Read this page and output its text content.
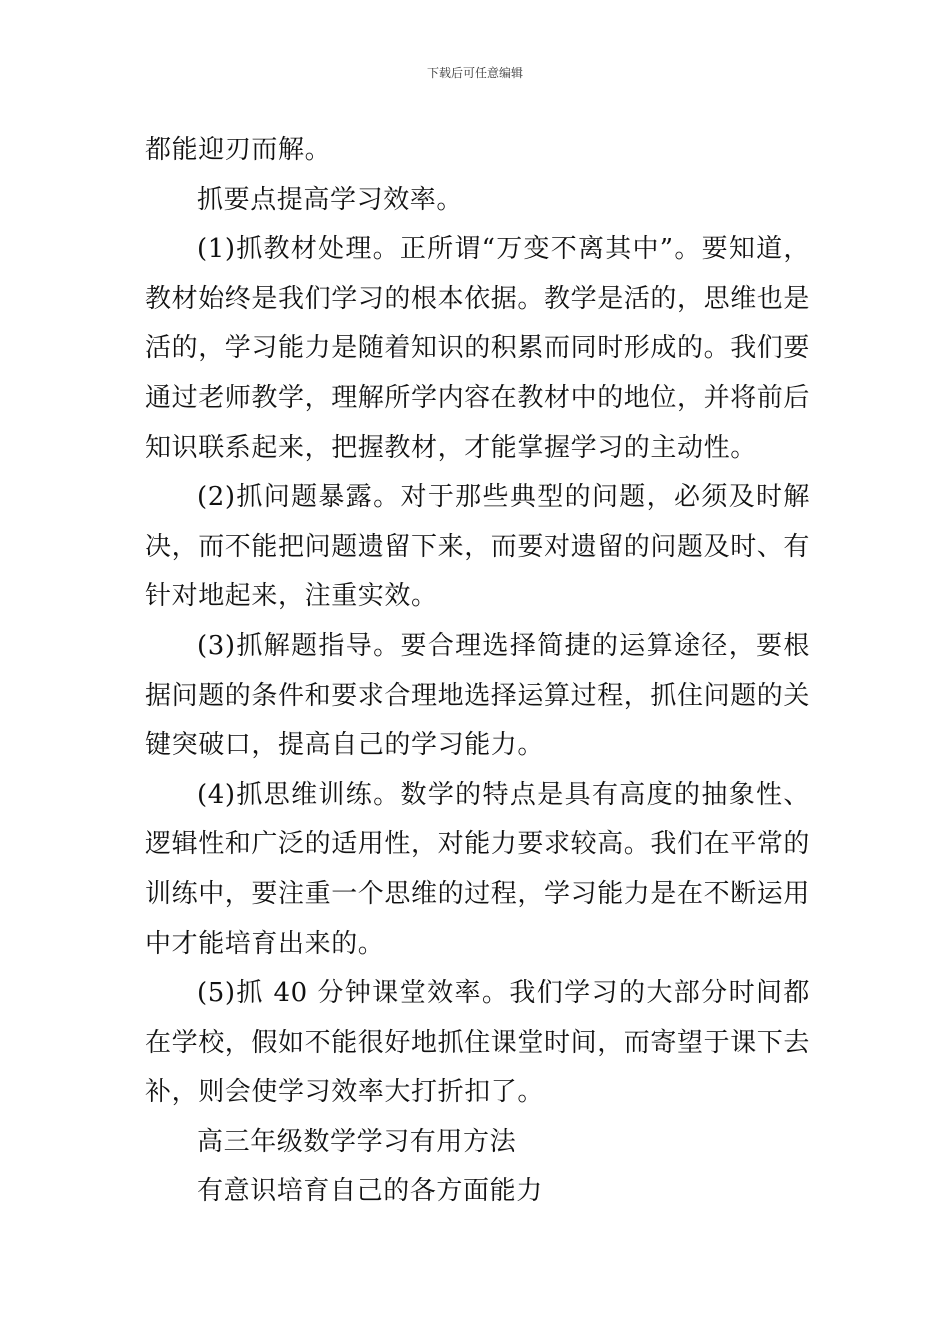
下载后可任意编辑

都能迎刃而解。

抓要点提高学习效率。

(1)抓教材处理。正所谓“万变不离其中”。要知道，教材始终是我们学习的根本依据。教学是活的，思维也是活的，学习能力是随着知识的积累而同时形成的。我们要通过老师教学，理解所学内容在教材中的地位，并将前后知识联系起来，把握教材，才能掌握学习的主动性。

(2)抓问题暴露。对于那些典型的问题，必须及时解决，而不能把问题遗留下来，而要对遗留的问题及时、有针对地起来，注重实效。

(3)抓解题指导。要合理选择简捷的运算途径，要根据问题的条件和要求合理地选择运算过程，抓住问题的关键突破口，提高自己的学习能力。

(4)抓思维训练。数学的特点是具有高度的抽象性、逻辑性和广泛的适用性，对能力要求较高。我们在平常的训练中，要注重一个思维的过程，学习能力是在不断运用中才能培育出来的。

(5)抓 40 分钟课堂效率。我们学习的大部分时间都在学校，假如不能很好地抓住课堂时间，而寄望于课下去补，则会使学习效率大打折扣了。

高三年级数学学习有用方法

有意识培育自己的各方面能力
